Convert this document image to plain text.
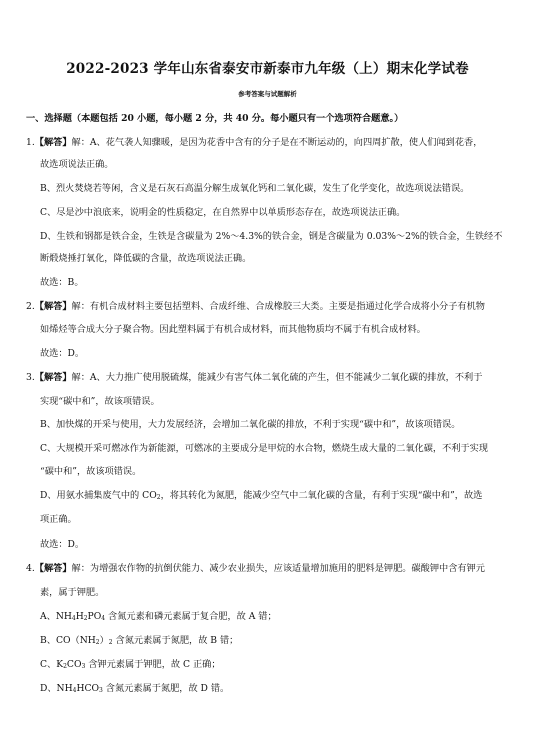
2022-2023 学年山东省泰安市新泰市九年级（上）期末化学试卷
参考答案与试题解析
一、选择题（本题包括 20 小题，每小题 2 分，共 40 分。每小题只有一个选项符合题意。）
1.【解答】解：A、花气袭人知骤暖，是因为花香中含有的分子是在不断运动的，向四周扩散，使人们闻到花香，
故选项说法正确。
B、烈火焚烧若等闲，含义是石灰石高温分解生成氧化钙和二氧化碳，发生了化学变化，故选项说法错误。
C、尽是沙中浪底来，说明金的性质稳定，在自然界中以单质形态存在，故选项说法正确。
D、生铁和钢都是铁合金，生铁是含碳量为 2%～4.3%的铁合金，钢是含碳量为 0.03%～2%的铁合金，生铁经不
断煅烧捶打氧化，降低碳的含量，故选项说法正确。
故选：B。
2.【解答】解：有机合成材料主要包括塑料、合成纤维、合成橡胶三大类。主要是指通过化学合成将小分子有机物
如烯烃等合成大分子聚合物。因此塑料属于有机合成材料，而其他物质均不属于有机合成材料。
故选：D。
3.【解答】解：A、大力推广使用脱硫煤，能减少有害气体二氧化硫的产生，但不能减少二氧化碳的排放，不利于
实现“碳中和”，故该项错误。
B、加快煤的开采与使用，大力发展经济，会增加二氧化碳的排放，不利于实现“碳中和”，故该项错误。
C、大规模开采可燃冰作为新能源，可燃冰的主要成分是甲烷的水合物，燃烧生成大量的二氧化碳，不利于实现
“碳中和”，故该项错误。
D、用氨水捕集废气中的 $CO_2$，将其转化为氮肥，能减少空气中二氧化碳的含量，有利于实现“碳中和”，故选
项正确。
故选：D。
4.【解答】解：为增强农作物的抗倒伏能力、减少农业损失，应该适量增加施用的肥料是钾肥。碳酸钾中含有钾元
素，属于钾肥。
A、$NH_4H_2PO_4$ 含氮元素和磷元素属于复合肥，故 A 错；
B、$CO(NH_2)_2$ 含氮元素属于氮肥，故 B 错；
C、$K_2CO_3$ 含钾元素属于钾肥，故 C 正确；
D、$NH_4HCO_3$ 含氮元素属于氮肥，故 D 错。
